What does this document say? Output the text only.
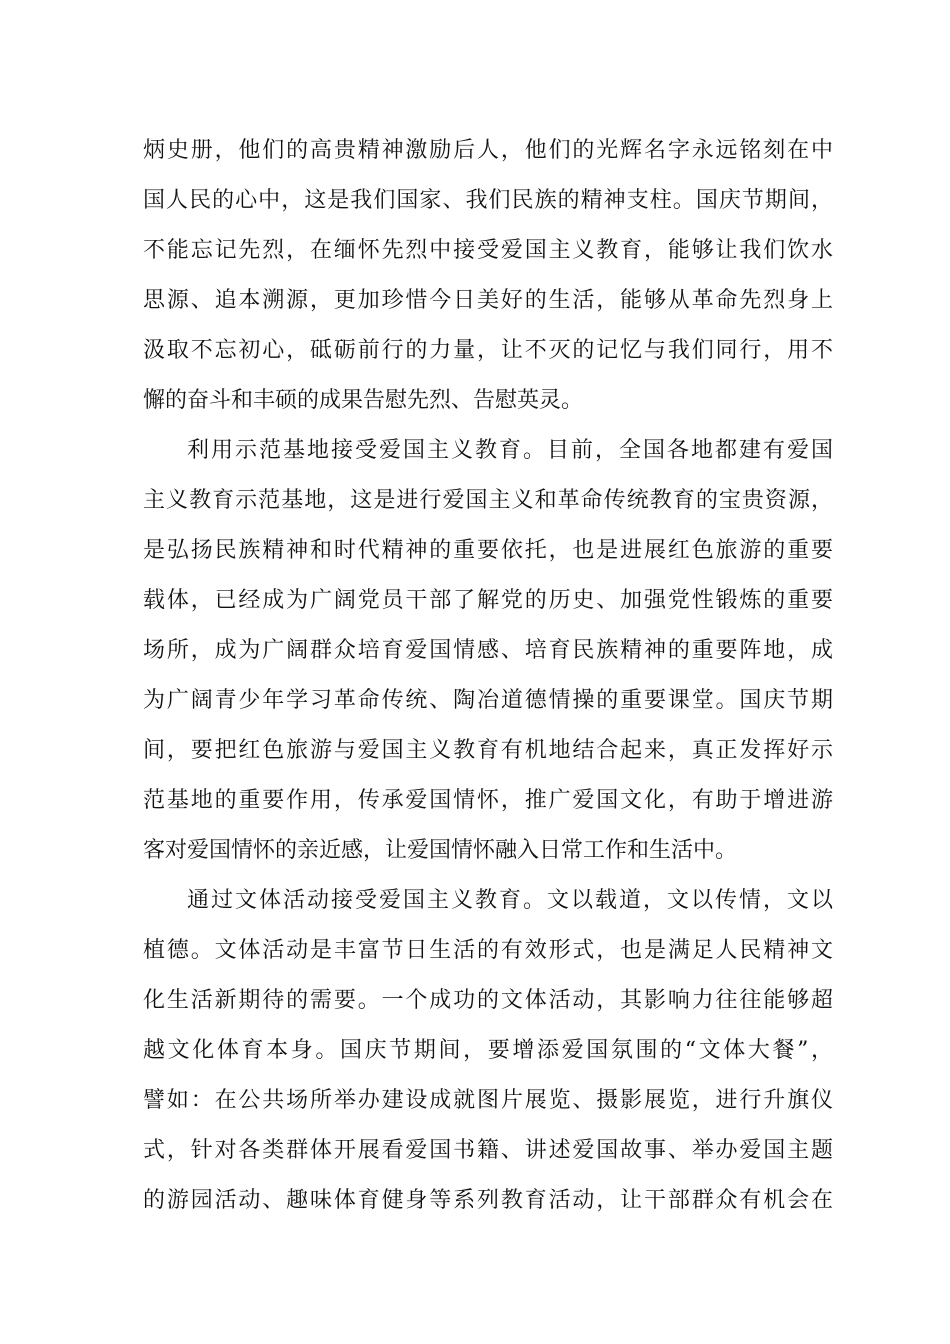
炳史册，他们的高贵精神激励后人，他们的光辉名字永远铭刻在中
国人民的心中，这是我们国家、我们民族的精神支柱。国庆节期间，
不能忘记先烈，在缅怀先烈中接受爱国主义教育，能够让我们饮水
思源、追本溯源，更加珍惜今日美好的生活，能够从革命先烈身上
汲取不忘初心，砥砺前行的力量，让不灭的记忆与我们同行，用不
懈的奋斗和丰硕的成果告慰先烈、告慰英灵。
利用示范基地接受爱国主义教育。目前，全国各地都建有爱国
主义教育示范基地，这是进行爱国主义和革命传统教育的宝贵资源，
是弘扬民族精神和时代精神的重要依托，也是进展红色旅游的重要
载体，已经成为广阔党员干部了解党的历史、加强党性锻炼的重要
场所，成为广阔群众培育爱国情感、培育民族精神的重要阵地，成
为广阔青少年学习革命传统、陶冶道德情操的重要课堂。国庆节期
间，要把红色旅游与爱国主义教育有机地结合起来，真正发挥好示
范基地的重要作用，传承爱国情怀，推广爱国文化，有助于增进游
客对爱国情怀的亲近感，让爱国情怀融入日常工作和生活中。
通过文体活动接受爱国主义教育。文以载道，文以传情，文以
植德。文体活动是丰富节日生活的有效形式，也是满足人民精神文
化生活新期待的需要。一个成功的文体活动，其影响力往往能够超
越文化体育本身。国庆节期间，要增添爱国氛围的“文体大餐”，
譬如：在公共场所举办建设成就图片展览、摄影展览，进行升旗仪
式，针对各类群体开展看爱国书籍、讲述爱国故事、举办爱国主题
的游园活动、趣味体育健身等系列教育活动，让干部群众有机会在
